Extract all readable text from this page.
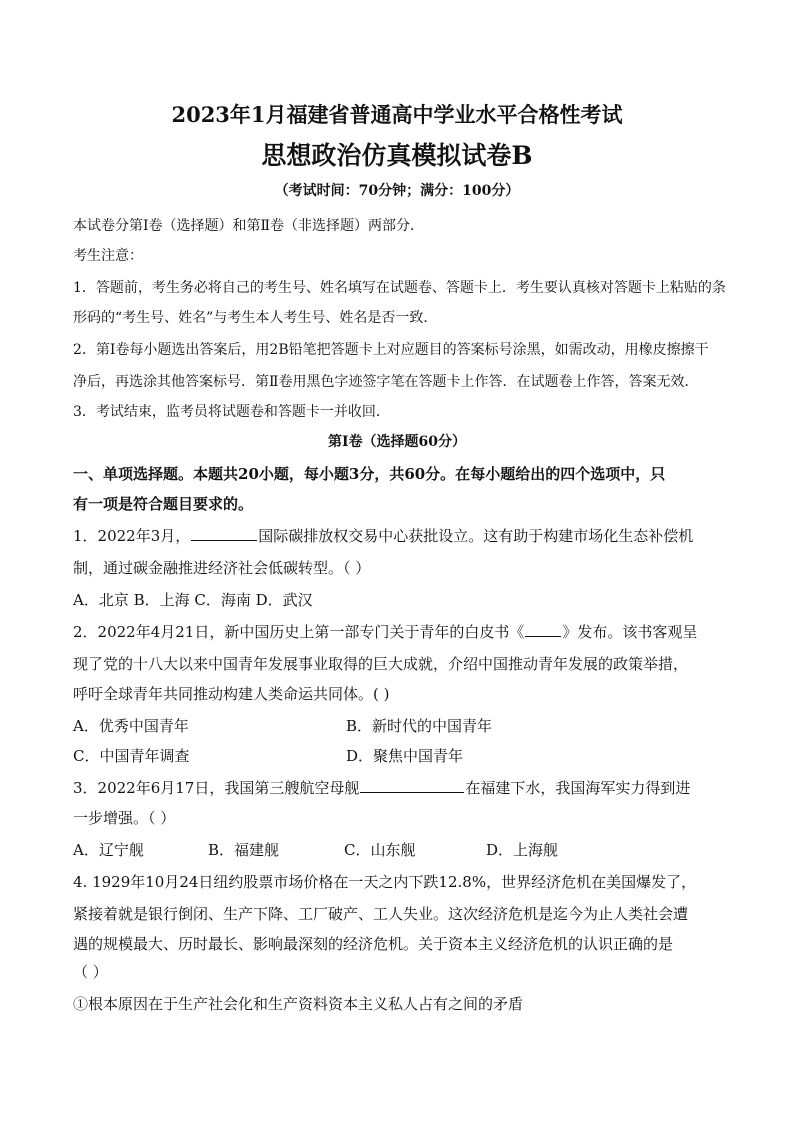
2023年1月福建省普通高中学业水平合格性考试
思想政治仿真模拟试卷B
（考试时间：70分钟；满分：100分）
本试卷分第Ⅰ卷（选择题）和第Ⅱ卷（非选择题）两部分．
考生注意：
1．答题前，考生务必将自己的考生号、姓名填写在试题卷、答题卡上．考生要认真核对答题卡上粘贴的条
形码的“考生号、姓名”与考生本人考生号、姓名是否一致．
2．第Ⅰ卷每小题选出答案后，用2B铅笔把答题卡上对应题目的答案标号涂黑，如需改动，用橡皮擦擦干
净后，再选涂其他答案标号．第Ⅱ卷用黑色字迹签字笔在答题卡上作答．在试题卷上作答，答案无效．
3．考试结束，监考员将试题卷和答题卡一并收回．
第Ⅰ卷（选择题60分）
一、单项选择题。本题共20小题，每小题3分，共60分。在每小题给出的四个选项中，只
有一项是符合题目要求的。
1．2022年3月，	国际碳排放权交易中心获批设立。这有助于构建市场化生态补偿机
制，通过碳金融推进经济社会低碳转型。（ ）
A．北京 B．上海 C．海南 D．武汉
2．2022年4月21日，新中国历史上第一部专门关于青年的白皮书《	》发布。该书客观呈
现了党的十八大以来中国青年发展事业取得的巨大成就，介绍中国推动青年发展的政策举措，
呼吁全球青年共同推动构建人类命运共同体。( )
A．优秀中国青年	B．新时代的中国青年
C．中国青年调查	D．聚焦中国青年
3．2022年6月17日，我国第三艘航空母舰	在福建下水，我国海军实力得到进
一步增强。（ ）
A．辽宁舰	B．福建舰	C．山东舰	D．上海舰
4. 1929年10月24日纽约股票市场价格在一天之内下跌12.8%，世界经济危机在美国爆发了，
紧接着就是银行倒闭、生产下降、工厂破产、工人失业。这次经济危机是迄今为止人类社会遭
遇的规模最大、历时最长、影响最深刻的经济危机。关于资本主义经济危机的认识正确的是
（ ）
①根本原因在于生产社会化和生产资料资本主义私人占有之间的矛盾
